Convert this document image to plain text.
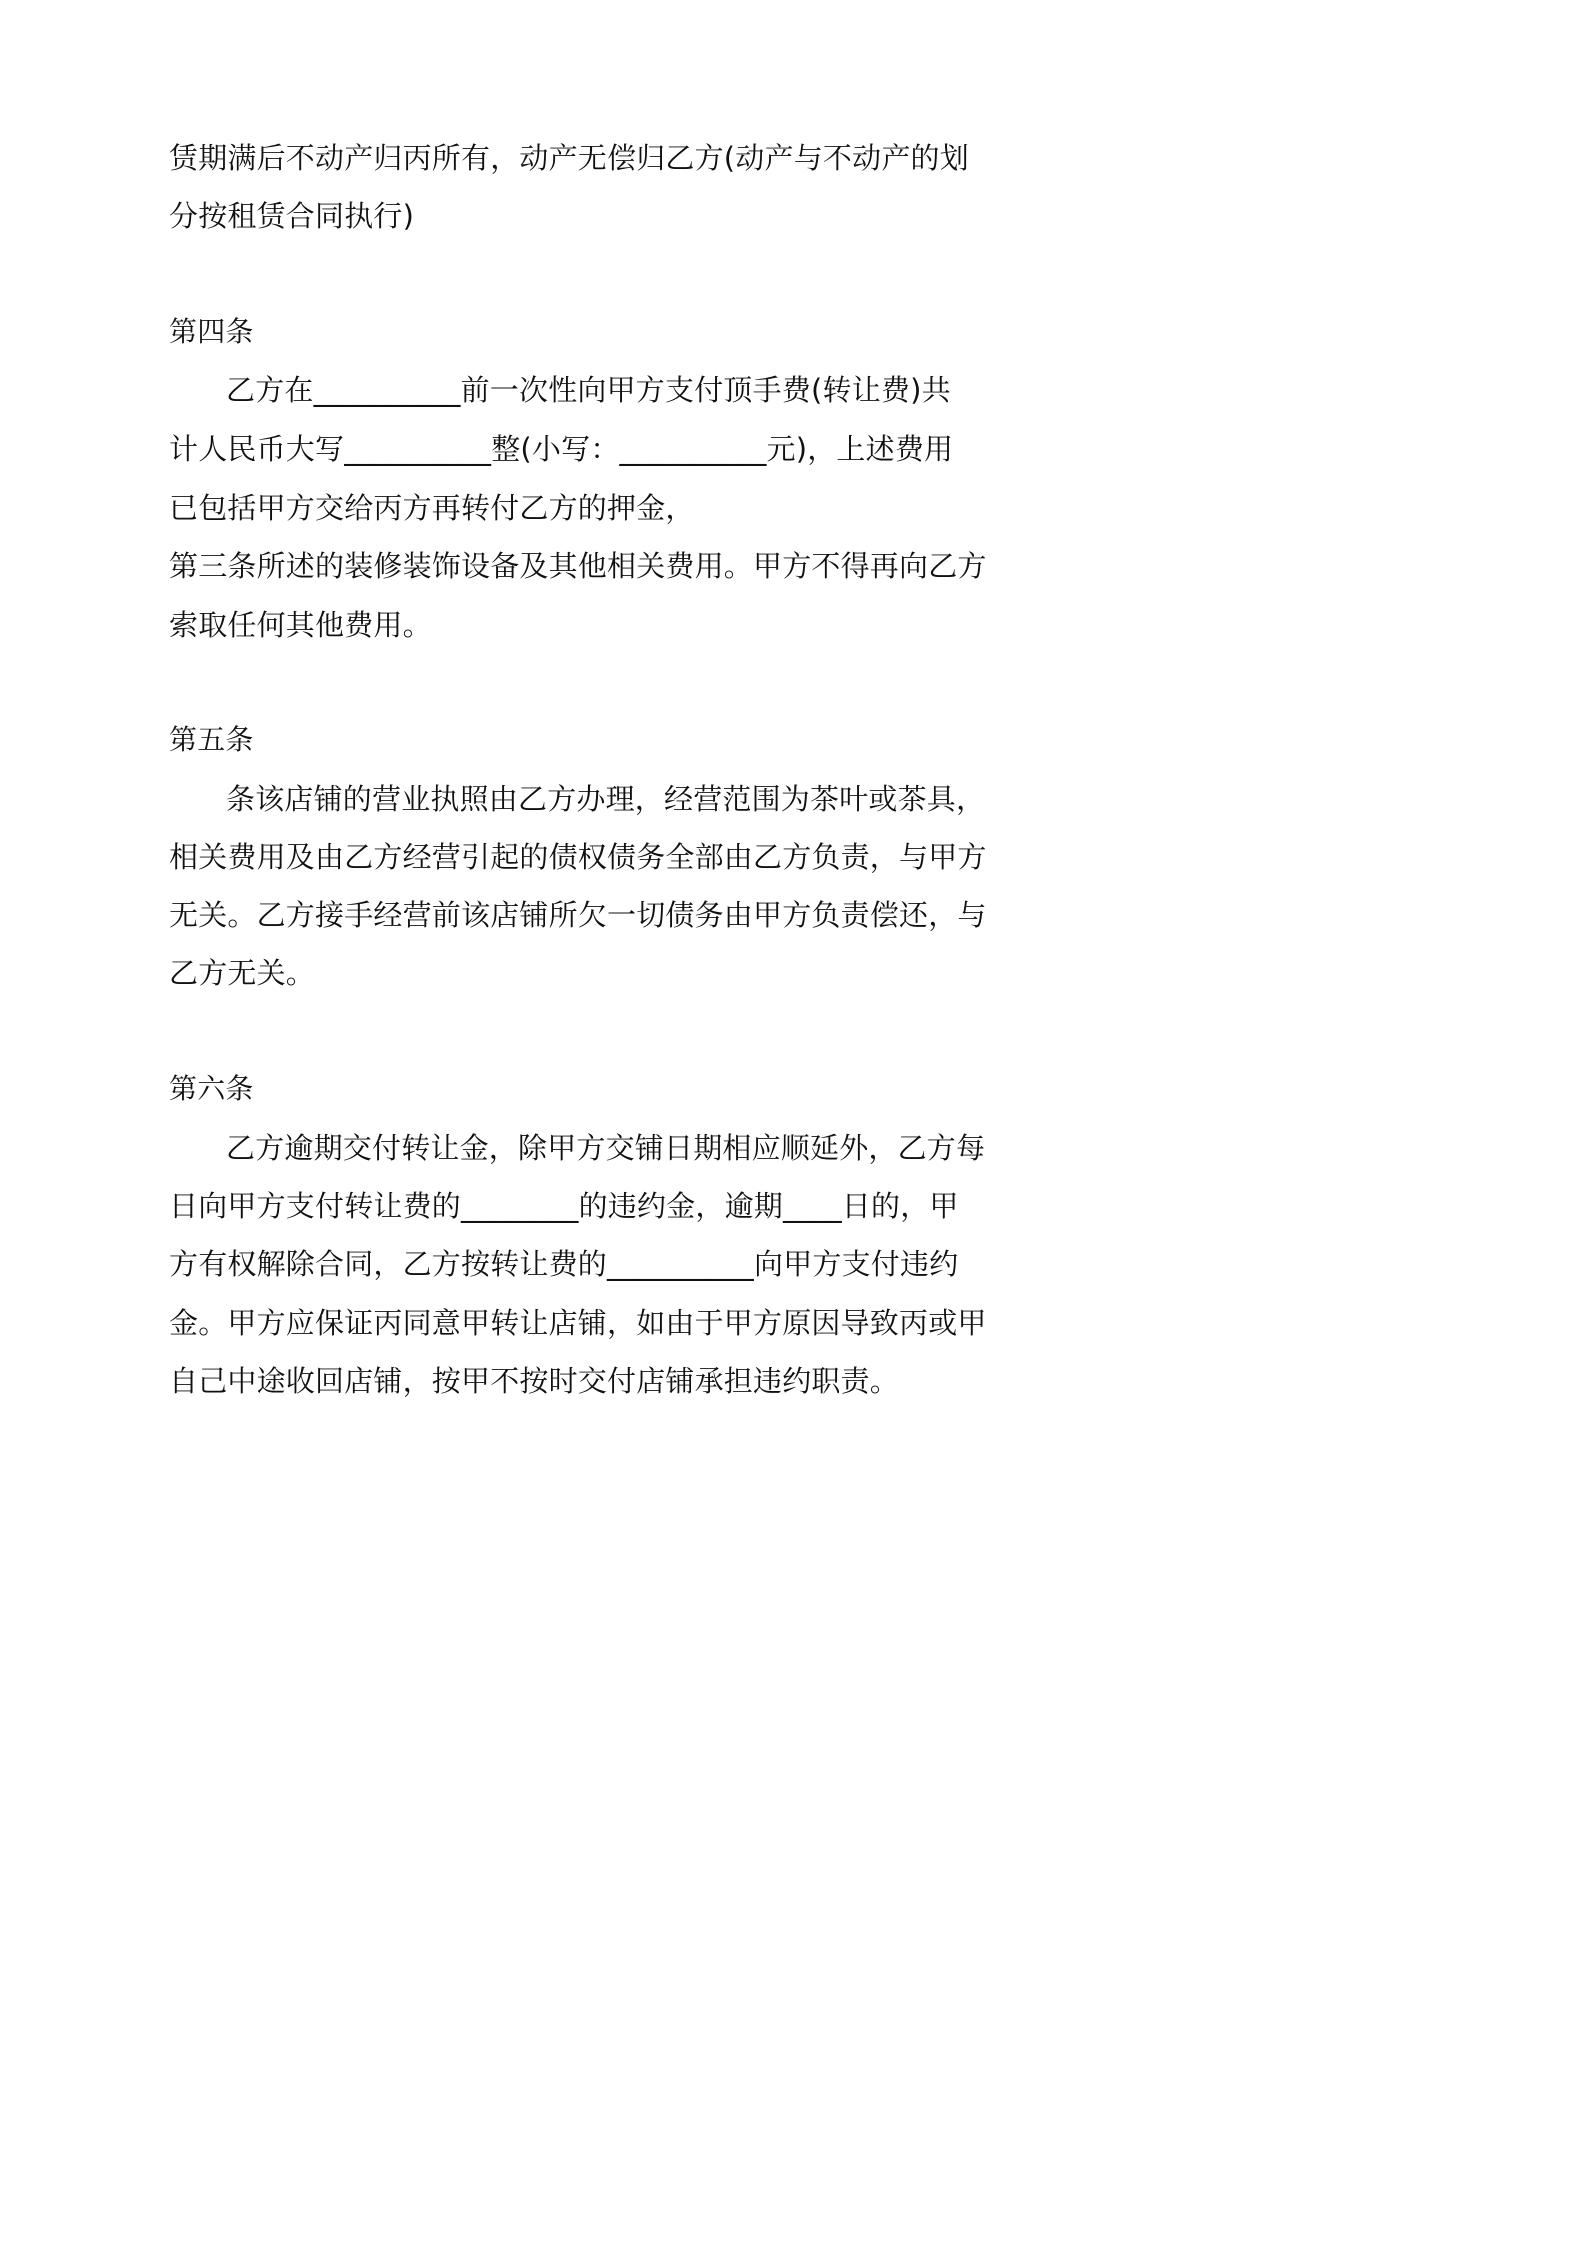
赁期满后不动产归丙所有，动产无偿归乙方(动产与不动产的划

分按租赁合同执行)

第四条

乙方在__________前一次性向甲方支付顶手费(转让费)共

计人民币大写__________整(小写：__________元)，上述费用

已包括甲方交给丙方再转付乙方的押金，

第三条所述的装修装饰设备及其他相关费用。甲方不得再向乙方

索取任何其他费用。

第五条

条该店铺的营业执照由乙方办理，经营范围为茶叶或茶具，

相关费用及由乙方经营引起的债权债务全部由乙方负责，与甲方

无关。乙方接手经营前该店铺所欠一切债务由甲方负责偿还，与

乙方无关。

第六条

乙方逾期交付转让金，除甲方交铺日期相应顺延外，乙方每

日向甲方支付转让费的________的违约金，逾期____日的，甲

方有权解除合同，乙方按转让费的__________向甲方支付违约

金。甲方应保证丙同意甲转让店铺，如由于甲方原因导致丙或甲

自己中途收回店铺，按甲不按时交付店铺承担违约职责。
